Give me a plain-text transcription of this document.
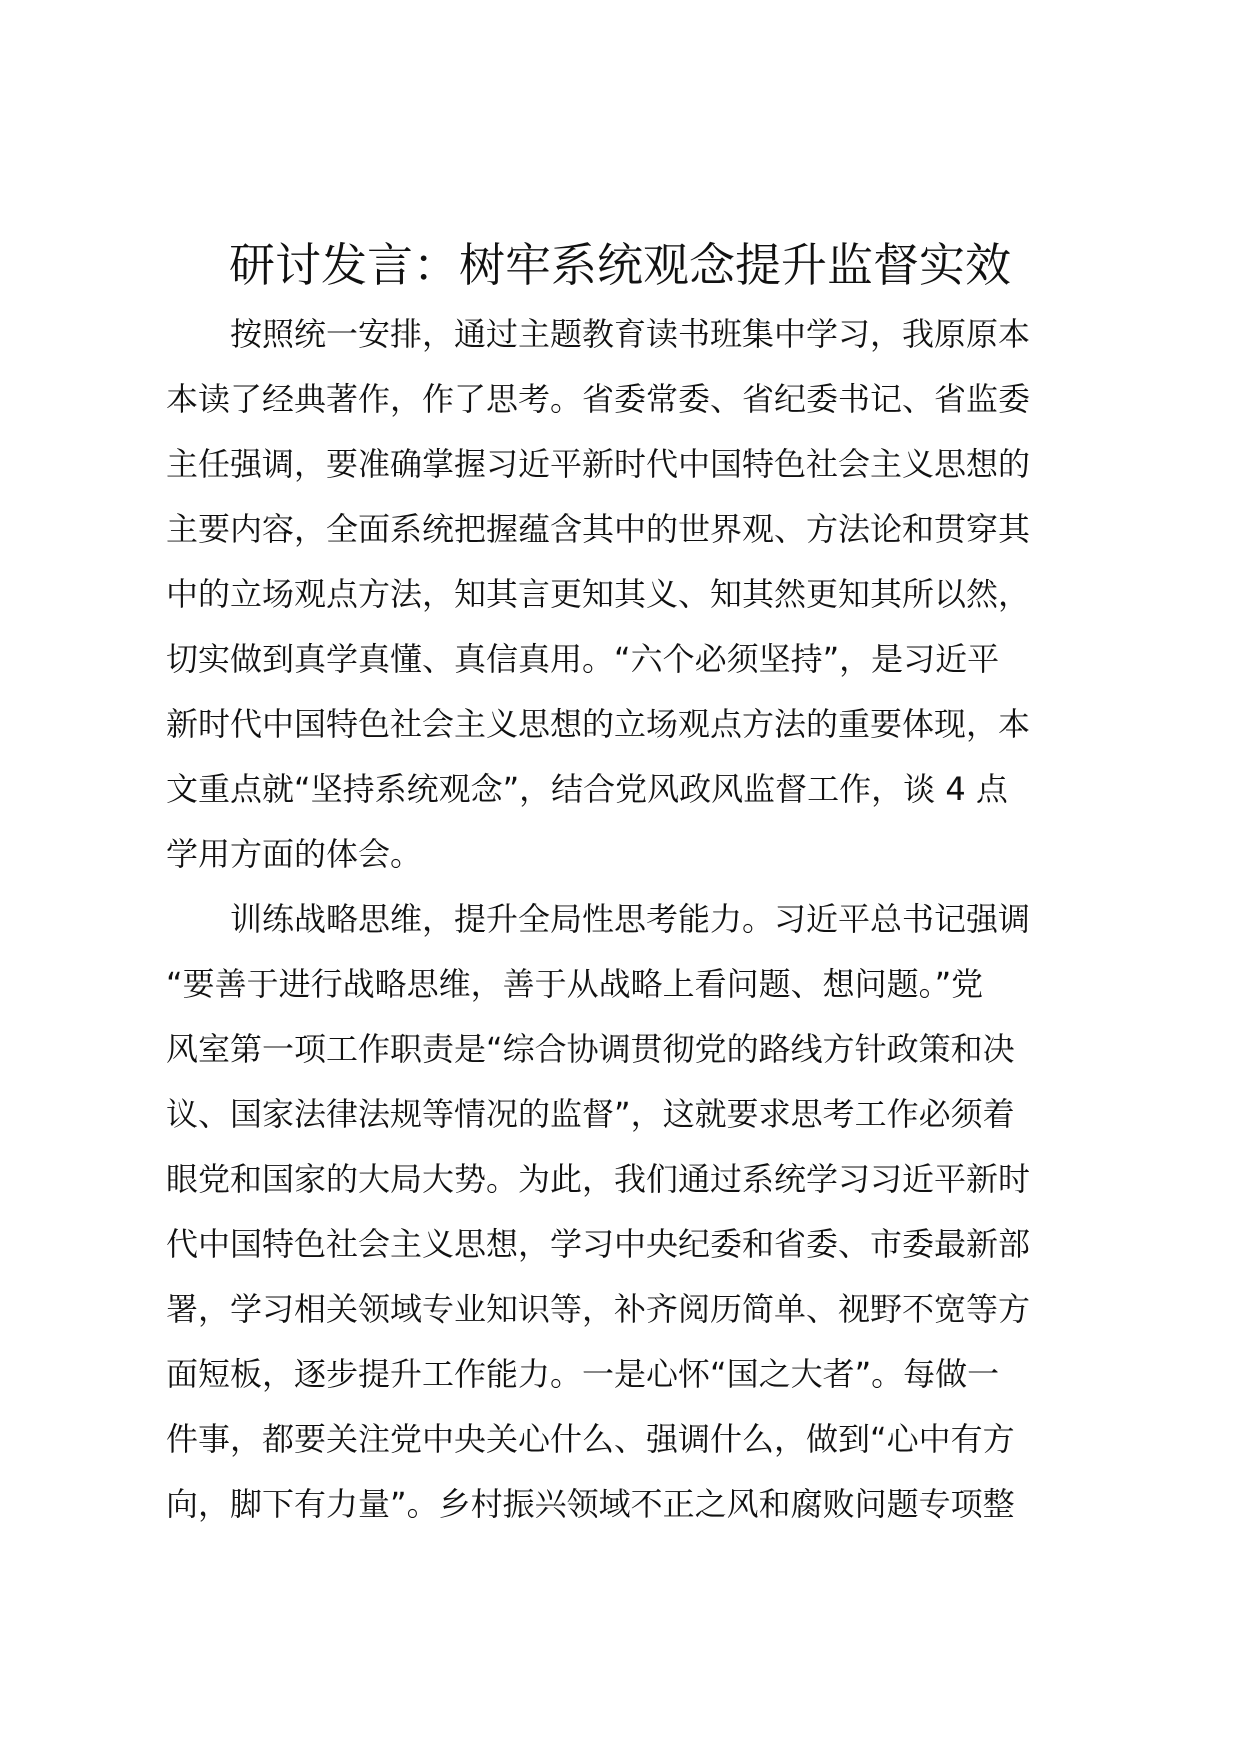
研讨发言：树牢系统观念提升监督实效
　　按照统一安排，通过主题教育读书班集中学习，我原原本
本读了经典著作，作了思考。省委常委、省纪委书记、省监委
主任强调，要准确掌握习近平新时代中国特色社会主义思想的
主要内容，全面系统把握蕴含其中的世界观、方法论和贯穿其
中的立场观点方法，知其言更知其义、知其然更知其所以然，
切实做到真学真懂、真信真用。“六个必须坚持”，是习近平
新时代中国特色社会主义思想的立场观点方法的重要体现，本
文重点就“坚持系统观念”，结合党风政风监督工作，谈 4 点
学用方面的体会。
　　训练战略思维，提升全局性思考能力。习近平总书记强调
“要善于进行战略思维，善于从战略上看问题、想问题。”党
风室第一项工作职责是“综合协调贯彻党的路线方针政策和决
议、国家法律法规等情况的监督”，这就要求思考工作必须着
眼党和国家的大局大势。为此，我们通过系统学习习近平新时
代中国特色社会主义思想，学习中央纪委和省委、市委最新部
署，学习相关领域专业知识等，补齐阅历简单、视野不宽等方
面短板，逐步提升工作能力。一是心怀“国之大者”。每做一
件事，都要关注党中央关心什么、强调什么，做到“心中有方
向，脚下有力量”。乡村振兴领域不正之风和腐败问题专项整
